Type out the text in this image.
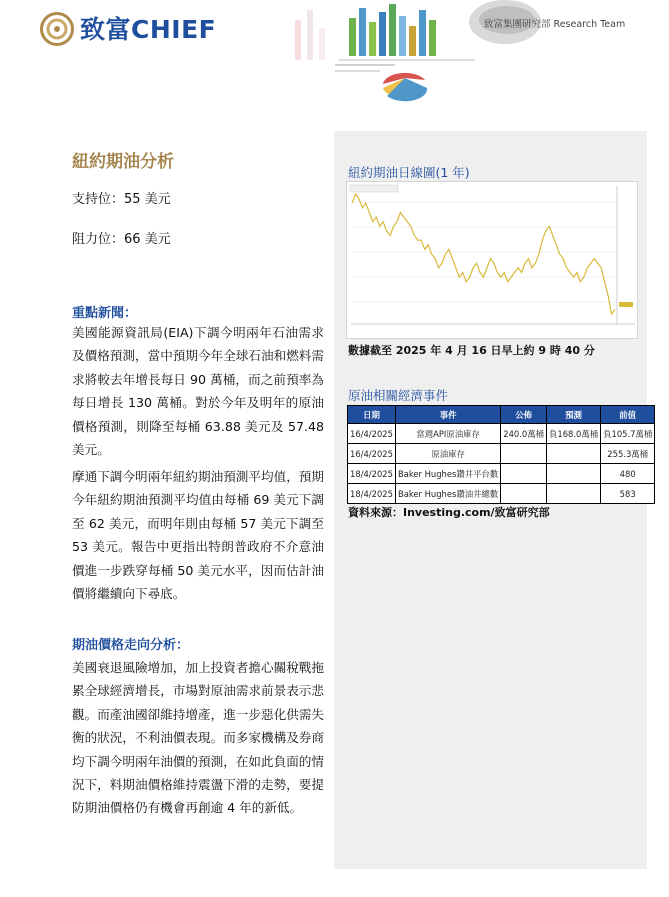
致富CHIEF	致富集團研究部 Research Team
紐約期油分析
支持位：55 美元
阻力位：66 美元
重點新聞：
美國能源資訊局(EIA)下調今明兩年石油需求及價格預測，當中預期今年全球石油和燃料需求將較去年增長每日 90 萬桶，而之前預率為每日增長 130 萬桶。對於今年及明年的原油價格預測，則降至每桶 63.88 美元及 57.48 美元。
摩通下調今明兩年紐約期油預測平均值，預期今年紐約期油預測平均值由每桶 69 美元下調至 62 美元，而明年則由每桶 57 美元下調至 53 美元。報告中更指出特朗普政府不介意油價進一步跌穿每桶 50 美元水平，因而估計油價將繼續向下尋底。
期油價格走向分析：
美國衰退風險增加，加上投資者擔心關稅戰拖累全球經濟增長，市場對原油需求前景表示悲觀。而產油國卻維持增產，進一步惡化供需失衡的狀況，不利油價表現。而多家機構及券商均下調今明兩年油價的預測，在如此負面的情況下，料期油價格維持震盪下滑的走勢，要提防期油價格仍有機會再創逾 4 年的新低。
紐約期油日線圖(1 年)
數據截至 2025 年 4 月 16 日早上約 9 時 40 分
原油相關經濟事件
日期	事件	公佈	預測	前值
16/4/2025	當週API原油庫存	240.0萬桶	負168.0萬桶	負105.7萬桶
16/4/2025	原油庫存			255.3萬桶
18/4/2025	Baker Hughes鑽井平台數			480
18/4/2025	Baker Hughes鑽油井總數			583
資料來源：Investing.com/致富研究部
